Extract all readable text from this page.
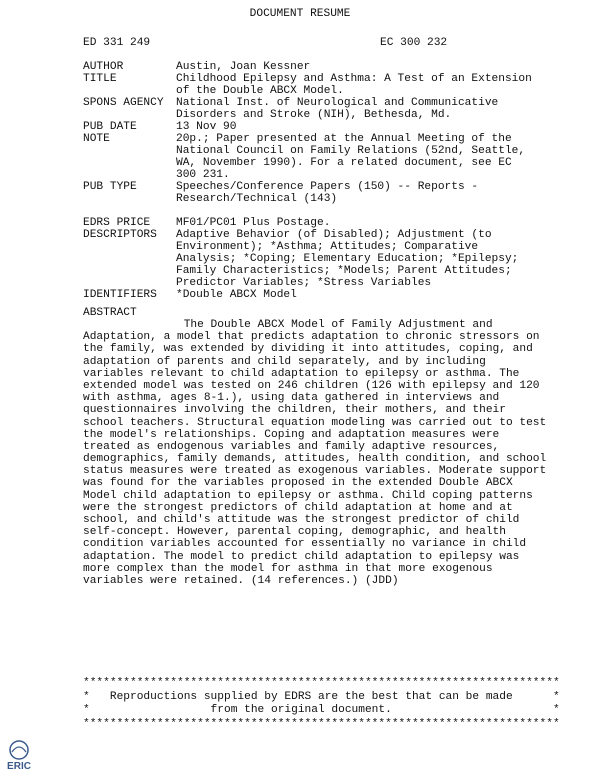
DOCUMENT RESUME
ED 331 249	EC 300 232
AUTHOR	Austin, Joan Kessner
TITLE	Childhood Epilepsy and Asthma: A Test of an Extension
of the Double ABCX Model.
SPONS AGENCY National Inst. of Neurological and Communicative
Disorders and Stroke (NIH), Bethesda, Md.
PUB DATE	13 Nov 90
NOTE	20p.; Paper presented at the Annual Meeting of the
National Council on Family Relations (52nd, Seattle,
WA, November 1990). For a related document, see EC
300 231.
PUB TYPE	Speeches/Conference Papers (150) -- Reports -
Research/Technical (143)
EDRS PRICE MF01/PC01 Plus Postage.
DESCRIPTORS Adaptive Behavior (of Disabled); Adjustment (to
Environment); *Asthma; Attitudes; Comparative
Analysis; *Coping; Elementary Education; *Epilepsy;
Family Characteristics; *Models; Parent Attitudes;
Predictor Variables; *Stress Variables
IDENTIFIERS *Double ABCX Model
ABSTRACT
The Double ABCX Model of Family Adjustment and
Adaptation, a model that predicts adaptation to chronic stressors on
the family, was extended by dividing it into attitudes, coping, and
adaptation of parents and child separately, and by including
variables relevant to child adaptation to epilepsy or asthma. The
extended model was tested on 246 children (126 with epilepsy and 120
with asthma, ages 8-1.), using data gathered in interviews and
questionnaires involving the children, their mothers, and their
school teachers. Structural equation modeling was carried out to test
the model's relationships. Coping and adaptation measures were
treated as endogenous variables and family adaptive resources,
demographics, family demands, attitudes, health condition, and school
status measures were treated as exogenous variables. Moderate support
was found for the variables proposed in the extended Double ABCX
Model child adaptation to epilepsy or asthma. Child coping patterns
were the strongest predictors of child adaptation at home and at
school, and child's attitude was the strongest predictor of child
self-concept. However, parental coping, demographic, and health
condition variables accounted for essentially no variance in child
adaptation. The model to predict child adaptation to epilepsy was
more complex than the model for asthma in that more exogenous
variables were retained. (14 references.) (JDD)
***********************************************************************
*   Reproductions supplied by EDRS are the best that can be made      *
*                  from the original document.                        *
***********************************************************************
ERIC
